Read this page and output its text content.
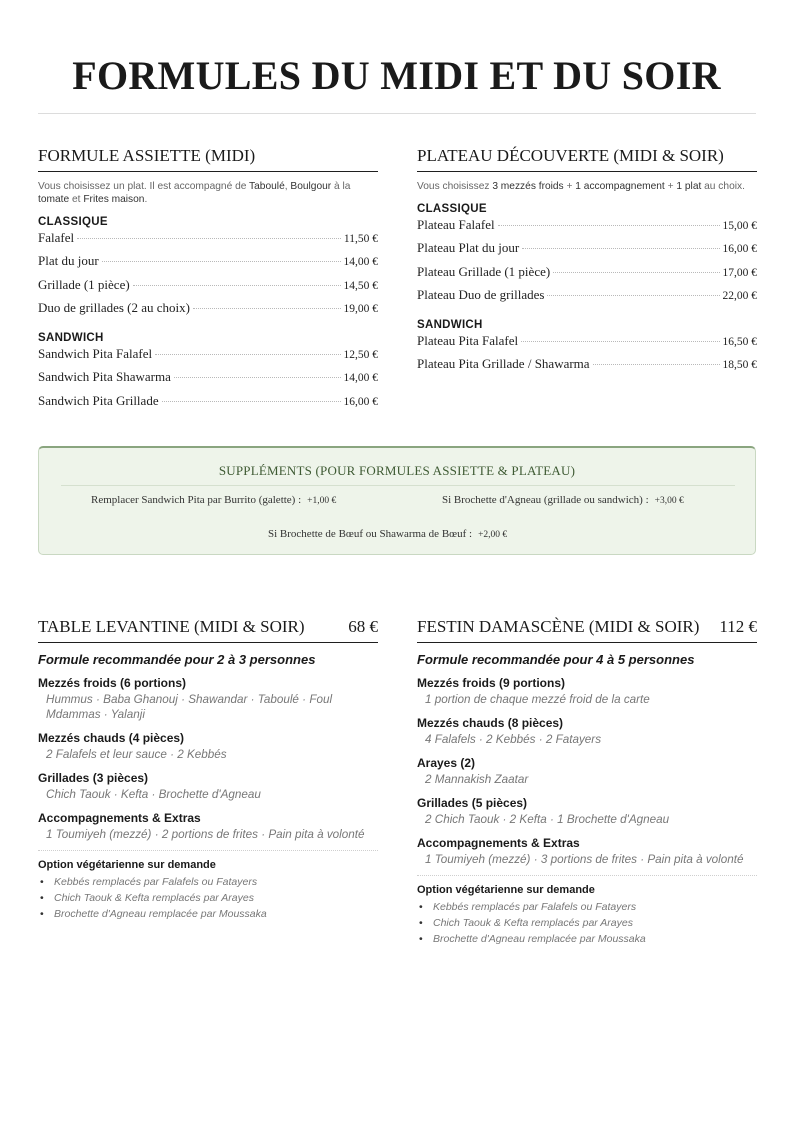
FORMULES DU MIDI ET DU SOIR
FORMULE ASSIETTE (MIDI)

Vous choisissez un plat. Il est accompagné de Taboulé, Boulgour à la tomate et Frites maison.

CLASSIQUE
Falafel	11,50 €
Plat du jour	14,00 €
Grillade (1 pièce)	14,50 €
Duo de grillades (2 au choix)	19,00 €
SANDWICH
Sandwich Pita Falafel	12,50 €
Sandwich Pita Shawarma	14,00 €
Sandwich Pita Grillade	16,00 €
PLATEAU DÉCOUVERTE (MIDI & SOIR)

Vous choisissez 3 mezzés froids + 1 accompagnement + 1 plat au choix.

CLASSIQUE
Plateau Falafel	15,00 €
Plateau Plat du jour	16,00 €
Plateau Grillade (1 pièce)	17,00 €
Plateau Duo de grillades	22,00 €
SANDWICH
Plateau Pita Falafel	16,50 €
Plateau Pita Grillade / Shawarma	18,50 €
SUPPLÉMENTS (POUR FORMULES ASSIETTE & PLATEAU)
Remplacer Sandwich Pita par Burrito (galette) : +1,00 €	Si Brochette d'Agneau (grillade ou sandwich) : +3,00 €
Si Brochette de Bœuf ou Shawarma de Bœuf : +2,00 €
TABLE LEVANTINE (MIDI & SOIR)	68 €
Formule recommandée pour 2 à 3 personnes
Mezzés froids (6 portions)
Hummus · Baba Ghanouj · Shawandar · Taboulé · Foul Mdammas · Yalanji
Mezzés chauds (4 pièces)
2 Falafels et leur sauce · 2 Kebbés
Grillades (3 pièces)
Chich Taouk · Kefta · Brochette d'Agneau
Accompagnements & Extras
1 Toumiyeh (mezzé) · 2 portions de frites · Pain pita à volonté
Option végétarienne sur demande
• Kebbés remplacés par Falafels ou Fatayers
• Chich Taouk & Kefta remplacés par Arayes
• Brochette d'Agneau remplacée par Moussaka
FESTIN DAMASCÈNE (MIDI & SOIR) 112 €
Formule recommandée pour 4 à 5 personnes
Mezzés froids (9 portions)
1 portion de chaque mezzé froid de la carte
Mezzés chauds (8 pièces)
4 Falafels · 2 Kebbés · 2 Fatayers
Arayes (2)
2 Mannakish Zaatar
Grillades (5 pièces)
2 Chich Taouk · 2 Kefta · 1 Brochette d'Agneau
Accompagnements & Extras
1 Toumiyeh (mezzé) · 3 portions de frites · Pain pita à volonté
Option végétarienne sur demande
• Kebbés remplacés par Falafels ou Fatayers
• Chich Taouk & Kefta remplacés par Arayes
• Brochette d'Agneau remplacée par Moussaka
